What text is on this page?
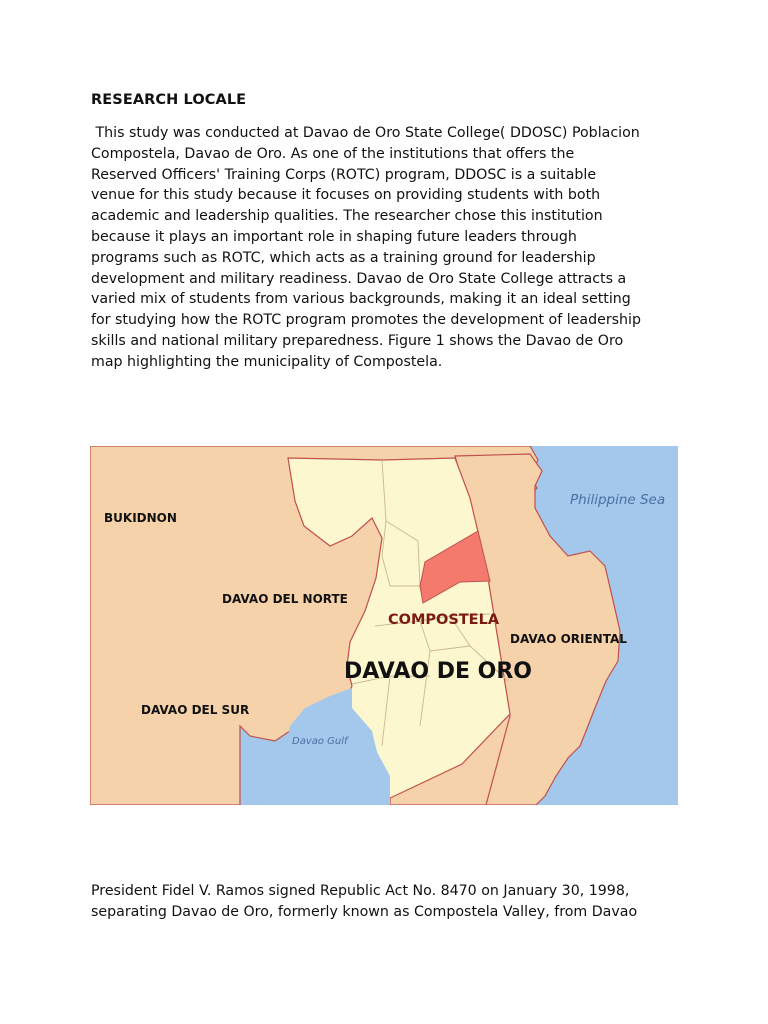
RESEARCH LOCALE

This study was conducted at Davao de Oro State College( DDOSC) Poblacion
Compostela, Davao de Oro. As one of the institutions that offers the
Reserved Officers' Training Corps (ROTC) program, DDOSC is a suitable
venue for this study because it focuses on providing students with both
academic and leadership qualities. The researcher chose this institution
because it plays an important role in shaping future leaders through
programs such as ROTC, which acts as a training ground for leadership
development and military readiness. Davao de Oro State College attracts a
varied mix of students from various backgrounds, making it an ideal setting
for studying how the ROTC program promotes the development of leadership
skills and national military preparedness. Figure 1 shows the Davao de Oro
map highlighting the municipality of Compostela.

BUKIDNON
DAVAO DEL NORTE
COMPOSTELA
DAVAO ORIENTAL
DAVAO DE ORO
DAVAO DEL SUR
Davao Gulf
Philippine Sea

President Fidel V. Ramos signed Republic Act No. 8470 on January 30, 1998,
separating Davao de Oro, formerly known as Compostela Valley, from Davao
